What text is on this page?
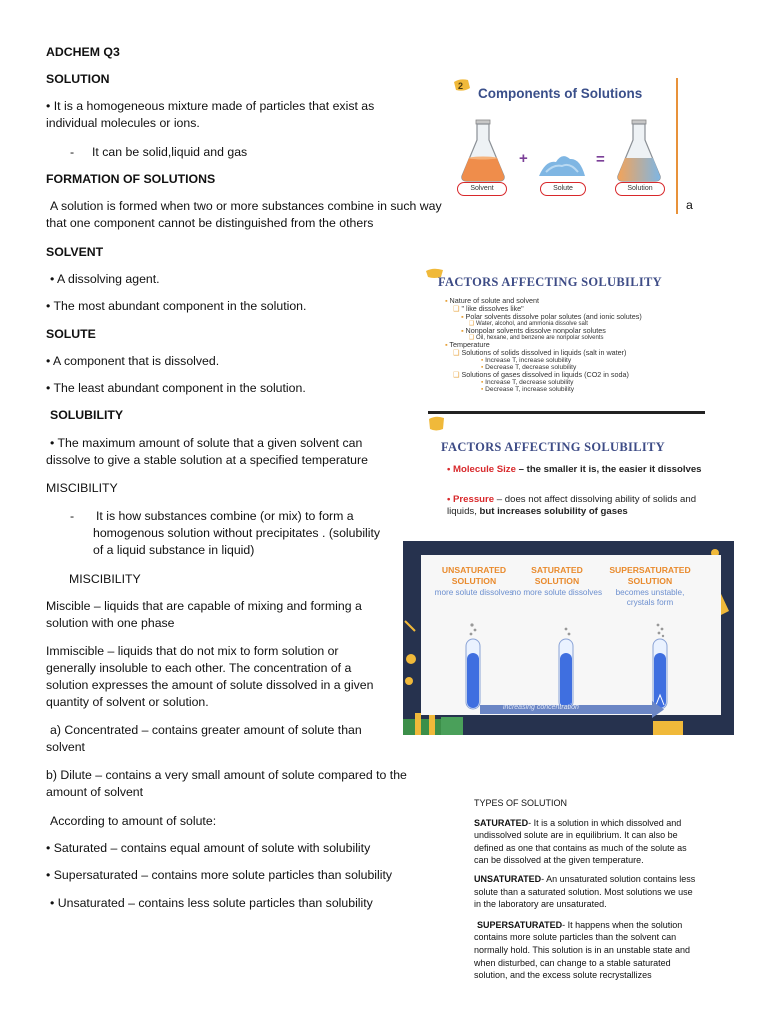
ADCHEM Q3
SOLUTION
• It is a homogeneous mixture made of particles that exist as individual molecules or ions.
- It can be solid,liquid and gas
FORMATION OF SOLUTIONS
A solution is formed when two or more substances combine in such way that one component cannot be distinguished from the others
SOLVENT
• A dissolving agent.
• The most abundant component in the solution.
SOLUTE
• A component that is dissolved.
• The least abundant component in the solution.
SOLUBILITY
• The maximum amount of solute that a given solvent can dissolve to give a stable solution at a specified temperature
MISCIBILITY
- It is how substances combine (or mix) to form a homogenous solution without precipitates . (solubility of a liquid substance in liquid)
MISCIBILITY
Miscible – liquids that are capable of mixing and forming a solution with one phase
Immiscible – liquids that do not mix to form solution or generally insoluble to each other. The concentration of a solution expresses the amount of solute dissolved in a given quantity of solvent or solution.
a) Concentrated – contains greater amount of solute than solvent
b) Dilute – contains a very small amount of solute compared to the amount of solvent
According to amount of solute:
• Saturated – contains equal amount of solute with solubility
• Supersaturated – contains more solute particles than solubility
• Unsaturated – contains less solute particles than solubility
2 Components of Solutions
+	=
Solvent	Solute	Solution
a
FACTORS AFFECTING SOLUBILITY
▪ Nature of solute and solvent
❑ " like dissolves like"
▪ Polar solvents dissolve polar solutes (and ionic solutes)
❑ Water, alcohol, and ammonia dissolve salt
▪ Nonpolar solvents dissolve nonpolar solutes
❑ Oil, hexane, and benzene are nonpolar solvents
▪ Temperature
❑ Solutions of solids dissolved in liquids (salt in water)
▪ Increase T, increase solubility
▪ Decrease T, decrease solubility
❑ Solutions of gases dissolved in liquids (CO2 in soda)
▪ Increase T, decrease solubility
▪ Decrease T, increase solubility
FACTORS AFFECTING SOLUBILITY
• Molecule Size – the smaller it is, the easier it dissolves
• Pressure – does not affect dissolving ability of solids and liquids, but increases solubility of gases
UNSATURATED SOLUTION
more solute dissolves
SATURATED SOLUTION
no more solute dissolves
SUPERSATURATED SOLUTION
becomes unstable, crystals form
increasing concentration
TYPES OF SOLUTION
SATURATED- It is a solution in which dissolved and undissolved solute are in equilibrium. It can also be defined as one that contains as much of the solute as can be dissolved at the given temperature.
UNSATURATED- An unsaturated solution contains less solute than a saturated solution. Most solutions we use in the laboratory are unsaturated.
SUPERSATURATED- It happens when the solution contains more solute particles than the solvent can normally hold. This solution is in an unstable state and when disturbed, can change to a stable saturated solution, and the excess solute recrystallizes
